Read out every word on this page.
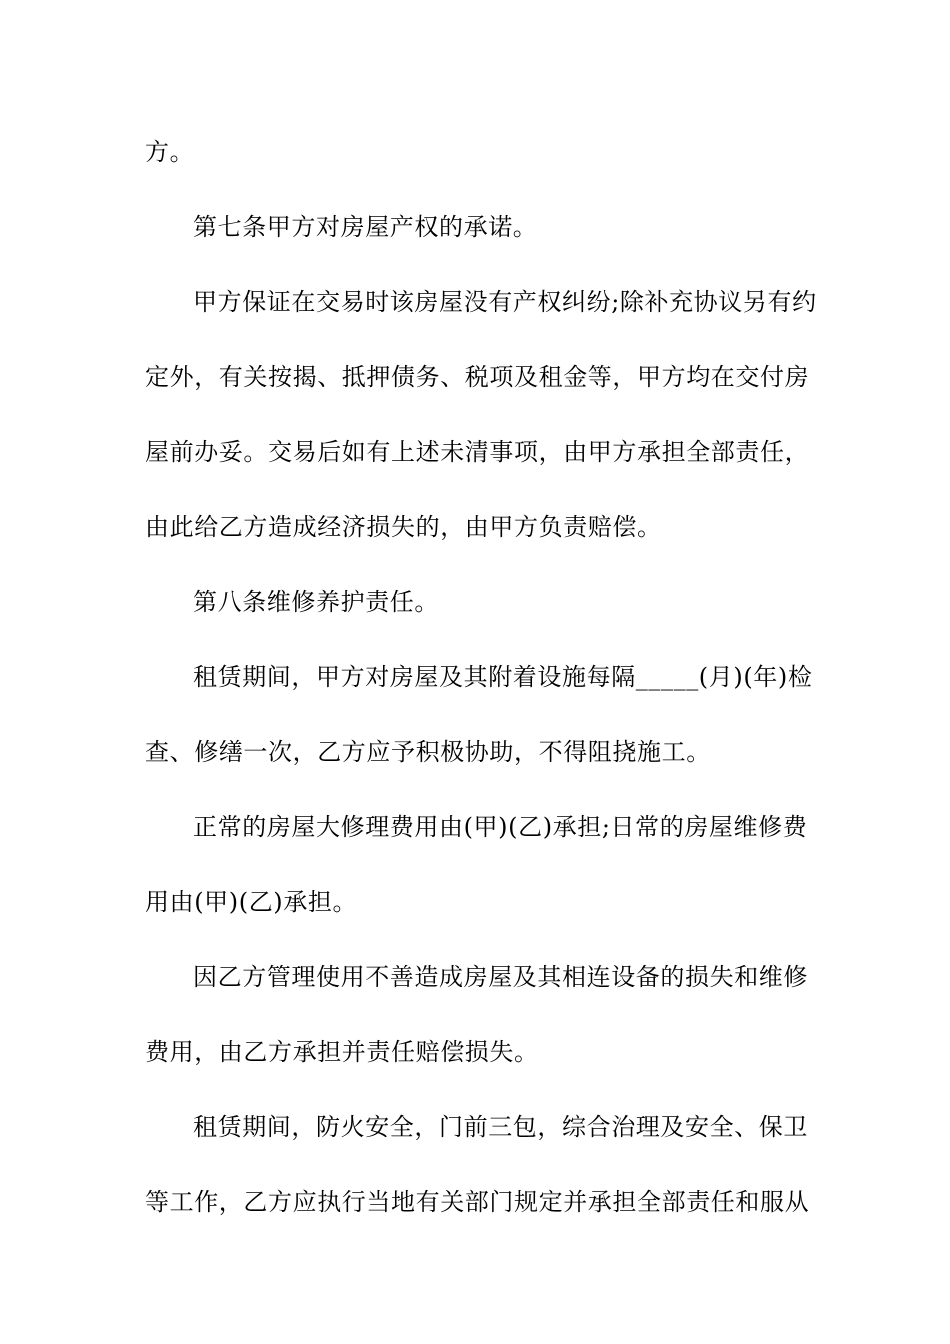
方。
第七条甲方对房屋产权的承诺。
甲方保证在交易时该房屋没有产权纠纷;除补充协议另有约
定外，有关按揭、抵押债务、税项及租金等，甲方均在交付房
屋前办妥。交易后如有上述未清事项，由甲方承担全部责任，
由此给乙方造成经济损失的，由甲方负责赔偿。
第八条维修养护责任。
租赁期间，甲方对房屋及其附着设施每隔_____(月)(年)检
查、修缮一次，乙方应予积极协助，不得阻挠施工。
正常的房屋大修理费用由(甲)(乙)承担;日常的房屋维修费
用由(甲)(乙)承担。
因乙方管理使用不善造成房屋及其相连设备的损失和维修
费用，由乙方承担并责任赔偿损失。
租赁期间，防火安全，门前三包，综合治理及安全、保卫
等工作，乙方应执行当地有关部门规定并承担全部责任和服从
